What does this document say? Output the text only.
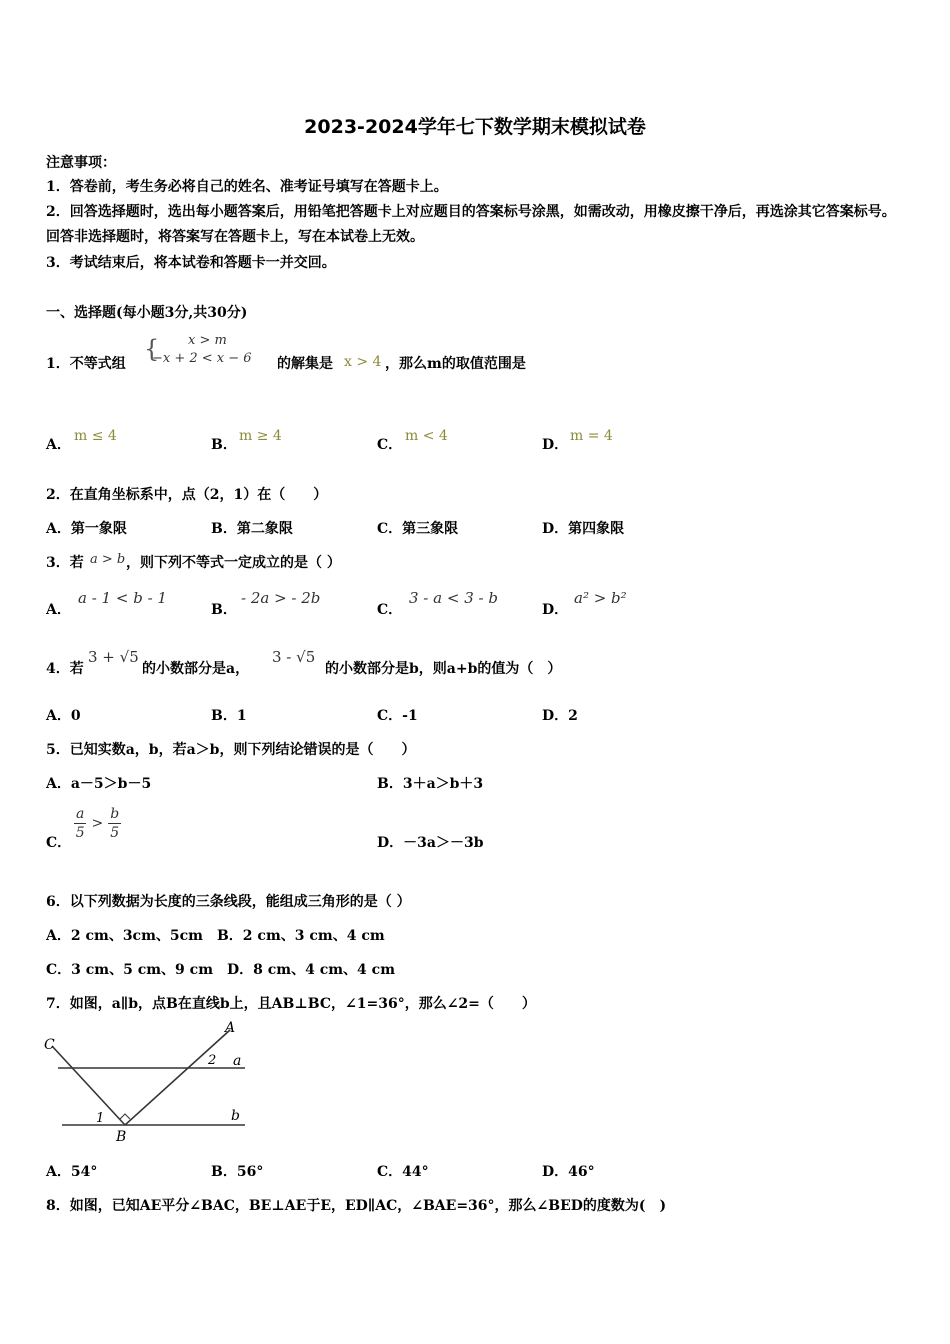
2023-2024学年七下数学期末模拟试卷
注意事项：
1．答卷前，考生务必将自己的姓名、准考证号填写在答题卡上。
2．回答选择题时，选出每小题答案后，用铅笔把答题卡上对应题目的答案标号涂黑，如需改动，用橡皮擦干净后，再选涂其它答案标号。回答非选择题时，将答案写在答题卡上，写在本试卷上无效。
3．考试结束后，将本试卷和答题卡一并交回。
一、选择题(每小题3分,共30分)
1．不等式组
{ x > m
−x + 2 < x − 6 的解集是 x > 4 ，那么m的取值范围是
A．
m ≤ 4
B．
m ≥ 4
C．
m < 4
D．
m = 4
2．在直角坐标系中，点（2，1）在（　　）
A．第一象限	B．第二象限	C．第三象限	D．第四象限
3．若 a > b ，则下列不等式一定成立的是（ ）
A．
a - 1 < b - 1
B．
- 2a > - 2b
C．
3 - a < 3 - b
D．
a² > b²
4．若
3 + √5
的小数部分是a，
3 - √5
的小数部分是b，则a+b的值为（　）
A．0	B．1	C．-1	D．2
5．已知实数a，b，若a＞b，则下列结论错误的是（　　）
A．a－5＞b－5	B．3＋a＞b＋3
C．
$\frac{a}{5} > \frac{b}{5}$
D．－3a＞－3b
6．以下列数据为长度的三条线段，能组成三角形的是（ ）
A．2 cm、3cm、5cm　B．2 cm、3 cm、4 cm
C．3 cm、5 cm、9 cm　D．8 cm、4 cm、4 cm
7．如图，a∥b，点B在直线b上，且AB⊥BC，∠1=36°，那么∠2=（　　）
A
C
a
b
B
1
2
A．54°	B．56°	C．44°	D．46°
8．如图，已知AE平分∠BAC，BE⊥AE于E，ED∥AC，∠BAE=36°，那么∠BED的度数为(　)
